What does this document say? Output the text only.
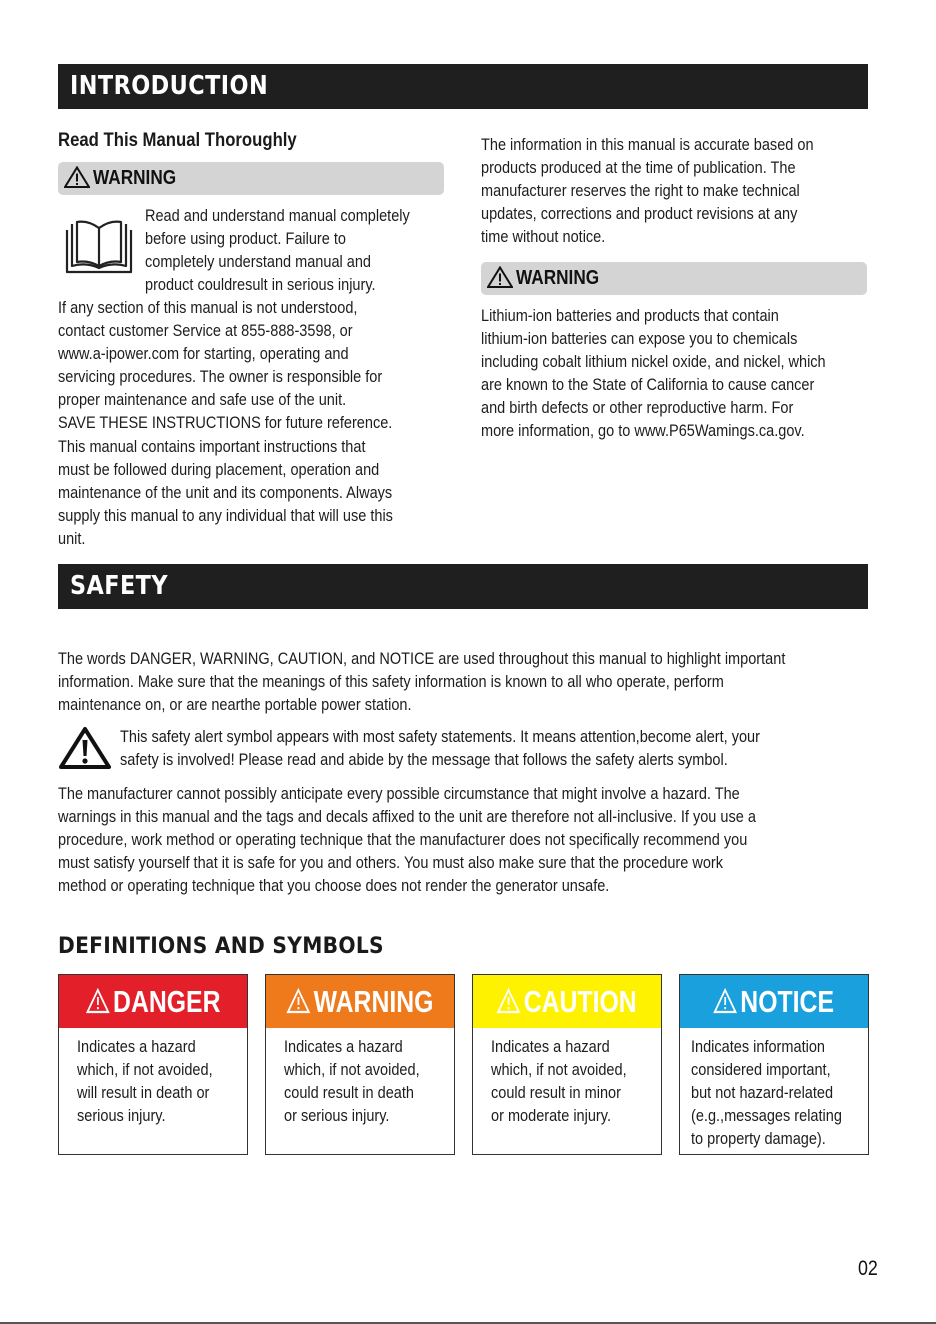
INTRODUCTION
Read This Manual Thoroughly
WARNING

Read and understand manual completely

before using product. Failure to

completely understand manual and

product couldresult in serious injury.

If any section of this manual is not understood,

contact customer Service at 855-888-3598, or

www.a-ipower.com for starting, operating and

servicing procedures. The owner is responsible for

proper maintenance and safe use of the unit.

SAVE THESE INSTRUCTIONS for future reference.

This manual contains important instructions that

must be followed during placement, operation and

maintenance of the unit and its components. Always

supply this manual to any individual that will use this

unit.

The information in this manual is accurate based on

products produced at the time of publication. The

manufacturer reserves the right to make technical

updates, corrections and product revisions at any

time without notice.

WARNING

Lithium-ion batteries and products that contain

lithium-ion batteries can expose you to chemicals

including cobalt lithium nickel oxide, and nickel, which

are known to the State of California to cause cancer

and birth defects or other reproductive harm. For

more information, go to www.P65Wamings.ca.gov.

SAFETY
The words DANGER, WARNING, CAUTION, and NOTICE are used throughout this manual to highlight important
information. Make sure that the meanings of this safety information is known to all who operate, perform
maintenance on, or are nearthe portable power station.
This safety alert symbol appears with most safety statements. It means attention,become alert, your
safety is involved! Please read and abide by the message that follows the safety alerts symbol.
The manufacturer cannot possibly anticipate every possible circumstance that might involve a hazard. The
warnings in this manual and the tags and decals affixed to the unit are therefore not all-inclusive. If you use a
procedure, work method or operating technique that the manufacturer does not specifically recommend you
must satisfy yourself that it is safe for you and others. You must also make sure that the procedure work
method or operating technique that you choose does not render the generator unsafe.
DEFINITIONS AND SYMBOLS
DANGER
Indicates a hazard
which, if not avoided,
will result in death or
serious injury.
WARNING
Indicates a hazard
which, if not avoided,
could result in death
or serious injury.
CAUTION
Indicates a hazard
which, if not avoided,
could result in minor
or moderate injury.
NOTICE
Indicates information
considered important,
but not hazard-related
(e.g.,messages relating
to property damage).
02
